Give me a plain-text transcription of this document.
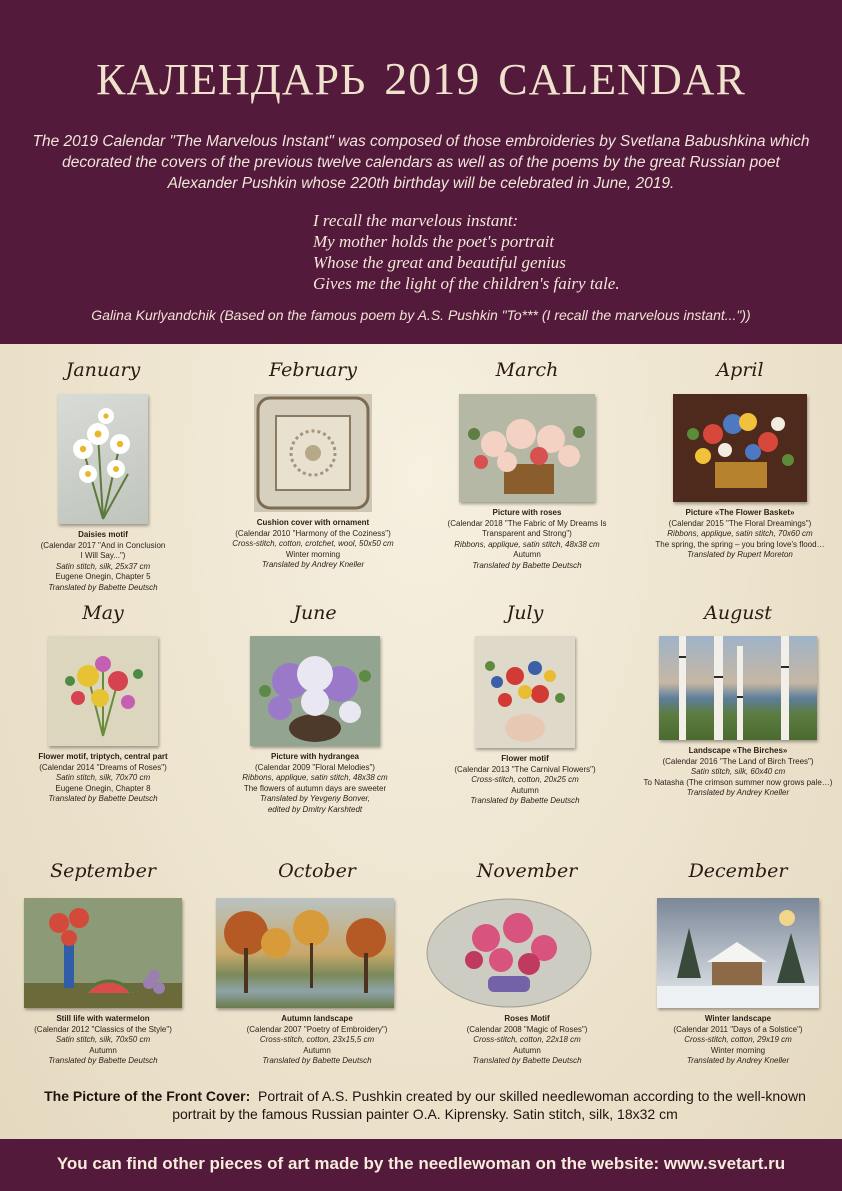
КАЛЕНДАРЬ 2019 CALENDAR
The 2019 Calendar "The Marvelous Instant" was composed of those embroideries by Svetlana Babushkina which
decorated the covers of the previous twelve calendars as well as of the poems by the great Russian poet
Alexander Pushkin whose 220th birthday will be celebrated in June, 2019.
I recall the marvelous instant:
My mother holds the poet's portrait
Whose the great and beautiful genius
Gives me the light of the children's fairy tale.
Galina Kurlyandchik (Based on the famous poem by A.S. Pushkin "To*** (I recall the marvelous instant..."))
January
Daisies motif
(Calendar 2017 "And in Conclusion
I Will Say...")
Satin stitch, silk, 25x37 cm
Eugene Onegin, Chapter 5
Translated by Babette Deutsch
February
Cushion cover with ornament
(Calendar 2010 "Harmony of the Coziness")
Cross-stitch, cotton, crotchet, wool, 50x50 cm
Winter morning
Translated by Andrey Kneller
March
Picture with roses
(Calendar 2018 "The Fabric of My Dreams Is
Transparent and Strong")
Ribbons, applique, satin stitch, 48x38 cm
Autumn
Translated by Babette Deutsch
April
Picture «The Flower Basket»
(Calendar 2015 "The Floral Dreamings")
Ribbons, applique, satin stitch, 70x60 cm
The spring, the spring – you bring love's flood…
Translated by Rupert Moreton
May
Flower motif, triptych, central part
(Calendar 2014 "Dreams of Roses")
Satin stitch, silk, 70x70 cm
Eugene Onegin, Chapter 8
Translated by Babette Deutsch
June
Picture with hydrangea
(Calendar 2009 "Floral Melodies")
Ribbons, applique, satin stitch, 48x38 cm
The flowers of autumn days are sweeter
Translated by Yevgeny Bonver,
edited by Dmitry Karshtedt
July
Flower motif
(Calendar 2013 "The Carnival Flowers")
Cross-stitch, cotton, 20x25 cm
Autumn
Translated by Babette Deutsch
August
Landscape «The Birches»
(Calendar 2016 "The Land of Birch Trees")
Satin stitch, silk, 60x40 cm
To Natasha (The crimson summer now grows pale…)
Translated by Andrey Kneller
September
Still life with watermelon
(Calendar 2012 "Classics of the Style")
Satin stitch, silk, 70x50 cm
Autumn
Translated by Babette Deutsch
October
Autumn landscape
(Calendar 2007 "Poetry of Embroidery")
Cross-stitch, cotton, 23x15,5 cm
Autumn
Translated by Babette Deutsch
November
Roses Motif
(Calendar 2008 "Magic of Roses")
Cross-stitch, cotton, 22x18 cm
Autumn
Translated by Babette Deutsch
December
Winter landscape
(Calendar 2011 "Days of a Solstice")
Cross-stitch, cotton, 29x19 cm
Winter morning
Translated by Andrey Kneller
The Picture of the Front Cover: Portrait of A.S. Pushkin created by our skilled needlewoman according to the well-known
portrait by the famous Russian painter O.A. Kiprensky. Satin stitch, silk, 18x32 cm
You can find other pieces of art made by the needlewoman on the website: www.svetart.ru
